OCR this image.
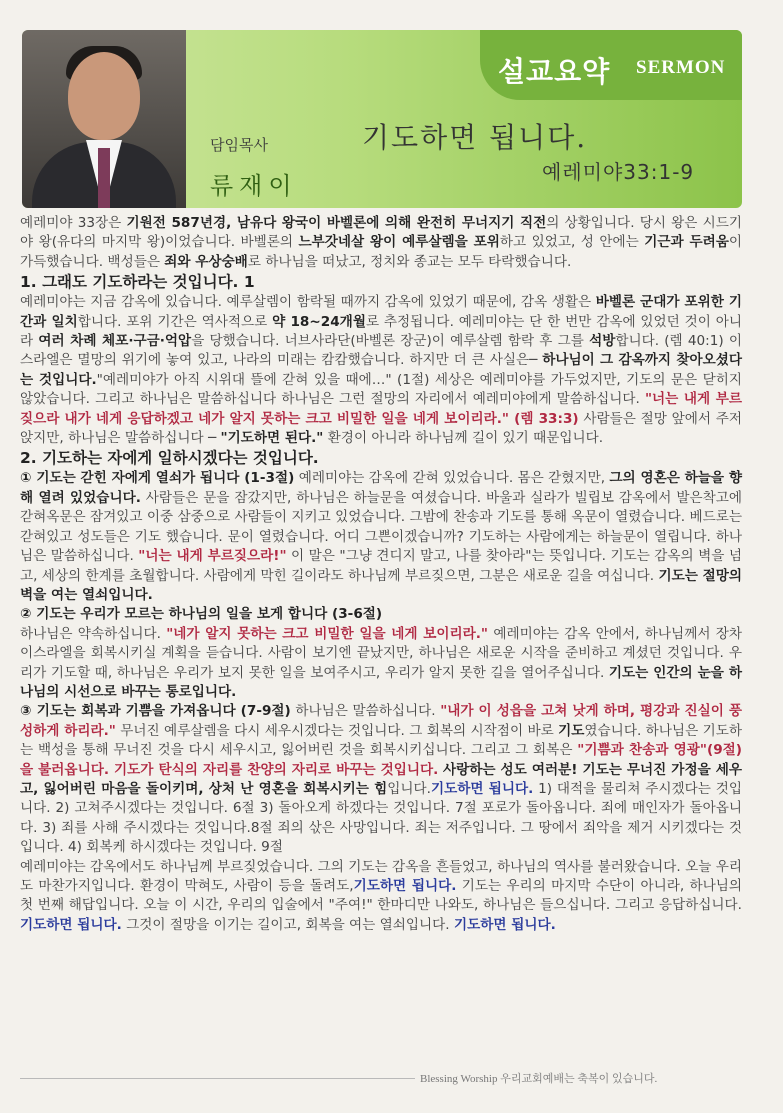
설교요약 SERMON
담임목사
류재이
기도하면 됩니다.
예레미야33:1-9

예레미야 33장은 기원전 587년경, 남유다 왕국이 바벨론에 의해 완전히 무너지기 직전의 상황입니다. 당시 왕은 시드기야 왕(유다의 마지막 왕)이었습니다. 바벨론의 느부갓네살 왕이 예루살렘을 포위하고 있었고, 성 안에는 기근과 두려움이 가득했습니다. 백성들은 죄와 우상숭배로 하나님을 떠났고, 정치와 종교는 모두 타락했습니다.

1. 그래도 기도하라는 것입니다. 1

예레미야는 지금 감옥에 있습니다. 예루살렘이 함락될 때까지 감옥에 있었기 때문에, 감옥 생활은 바벨론 군대가 포위한 기간과 일치합니다. 포위 기간은 역사적으로 약 18~24개월로 추정됩니다. 예레미야는 단 한 번만 감옥에 있었던 것이 아니라 여러 차례 체포·구금·억압을 당했습니다. 너브사라단(바벨론 장군)이 예루살렘 함락 후 그를 석방합니다. (렘 40:1) 이스라엘은 멸망의 위기에 놓여 있고, 나라의 미래는 캄캄했습니다. 하지만 더 큰 사실은─ 하나님이 그 감옥까지 찾아오셨다는 것입니다."예레미야가 아직 시위대 뜰에 갇혀 있을 때에…" (1절) 세상은 예레미야를 가두었지만, 기도의 문은 닫히지 않았습니다. 그리고 하나님은 말씀하십니다 하나님은 그런 절망의 자리에서 예레미야에게 말씀하십니다. "너는 내게 부르짖으라 내가 네게 응답하겠고 네가 알지 못하는 크고 비밀한 일을 네게 보이리라." (렘 33:3) 사람들은 절망 앞에서 주저앉지만, 하나님은 말씀하십니다 ─ "기도하면 된다." 환경이 아니라 하나님께 길이 있기 때문입니다.

2. 기도하는 자에게 일하시겠다는 것입니다.

① 기도는 갇힌 자에게 열쇠가 됩니다 (1-3절) 예레미야는 감옥에 갇혀 있었습니다. 몸은 갇혔지만, 그의 영혼은 하늘을 향해 열려 있었습니다. 사람들은 문을 잠갔지만, 하나님은 하늘문을 여셨습니다. 바울과 실라가 빌립보 감옥에서 발은착고에 갇혀옥문은 잠겨있고 이중 삼중으로 사람들이 지키고 있었습니다. 그밤에 찬송과 기도를 통해 옥문이 열렸습니다. 베드로는 갇혀있고 성도들은 기도 했습니다. 문이 열렸습니다. 어디 그쁜이겠습니까? 기도하는 사람에게는 하늘문이 열립니다. 하나님은 말씀하십니다. "너는 내게 부르짖으라!" 이 말은 "그냥 견디지 말고, 나를 찾아라"는 뜻입니다. 기도는 감옥의 벽을 넘고, 세상의 한계를 초월합니다. 사람에게 막힌 길이라도 하나님께 부르짖으면, 그분은 새로운 길을 여십니다. 기도는 절망의 벽을 여는 열쇠입니다.

② 기도는 우리가 모르는 하나님의 일을 보게 합니다 (3-6절)
하나님은 약속하십니다. "네가 알지 못하는 크고 비밀한 일을 네게 보이리라." 예레미야는 감옥 안에서, 하나님께서 장차 이스라엘을 회복시키실 계획을 듣습니다. 사람이 보기엔 끝났지만, 하나님은 새로운 시작을 준비하고 계셨던 것입니다. 우리가 기도할 때, 하나님은 우리가 보지 못한 일을 보여주시고, 우리가 알지 못한 길을 열어주십니다. 기도는 인간의 눈을 하나님의 시선으로 바꾸는 통로입니다.

③ 기도는 회복과 기쁨을 가져옵니다 (7-9절) 하나님은 말씀하십니다. "내가 이 성읍을 고쳐 낫게 하며, 평강과 진실이 풍성하게 하리라." 무너진 예루살렘을 다시 세우시겠다는 것입니다. 그 회복의 시작점이 바로 기도였습니다. 하나님은 기도하는 백성을 통해 무너진 것을 다시 세우시고, 잃어버린 것을 회복시키십니다. 그리고 그 회복은 "기쁨과 찬송과 영광"(9절)을 불러옵니다. 기도가 탄식의 자리를 찬양의 자리로 바꾸는 것입니다. 사랑하는 성도 여러분! 기도는 무너진 가정을 세우고, 잃어버린 마음을 돌이키며, 상처 난 영혼을 회복시키는 힘입니다.기도하면 됩니다. 1) 대적을 물리쳐 주시겠다는 것입니다. 2) 고쳐주시겠다는 것입니다. 6절 3) 돌아오게 하겠다는 것입니다. 7절 포로가 돌아옵니다. 죄에 매인자가 돌아옵니다. 3) 죄를 사해 주시겠다는 것입니다.8절 죄의 삯은 사망입니다. 죄는 저주입니다. 그 땅에서 죄악을 제거 시키겠다는 것입니다. 4) 회복케 하시겠다는 것입니다. 9절

예레미야는 감옥에서도 하나님께 부르짖었습니다. 그의 기도는 감옥을 흔들었고, 하나님의 역사를 불러왔습니다. 오늘 우리도 마찬가지입니다. 환경이 막혀도, 사람이 등을 돌려도,기도하면 됩니다. 기도는 우리의 마지막 수단이 아니라, 하나님의 첫 번째 해답입니다. 오늘 이 시간, 우리의 입술에서 "주여!" 한마디만 나와도, 하나님은 들으십니다. 그리고 응답하십니다. 기도하면 됩니다. 그것이 절망을 이기는 길이고, 회복을 여는 열쇠입니다. 기도하면 됩니다.

Blessing Worship 우리교회예배는 축복이 있습니다.
